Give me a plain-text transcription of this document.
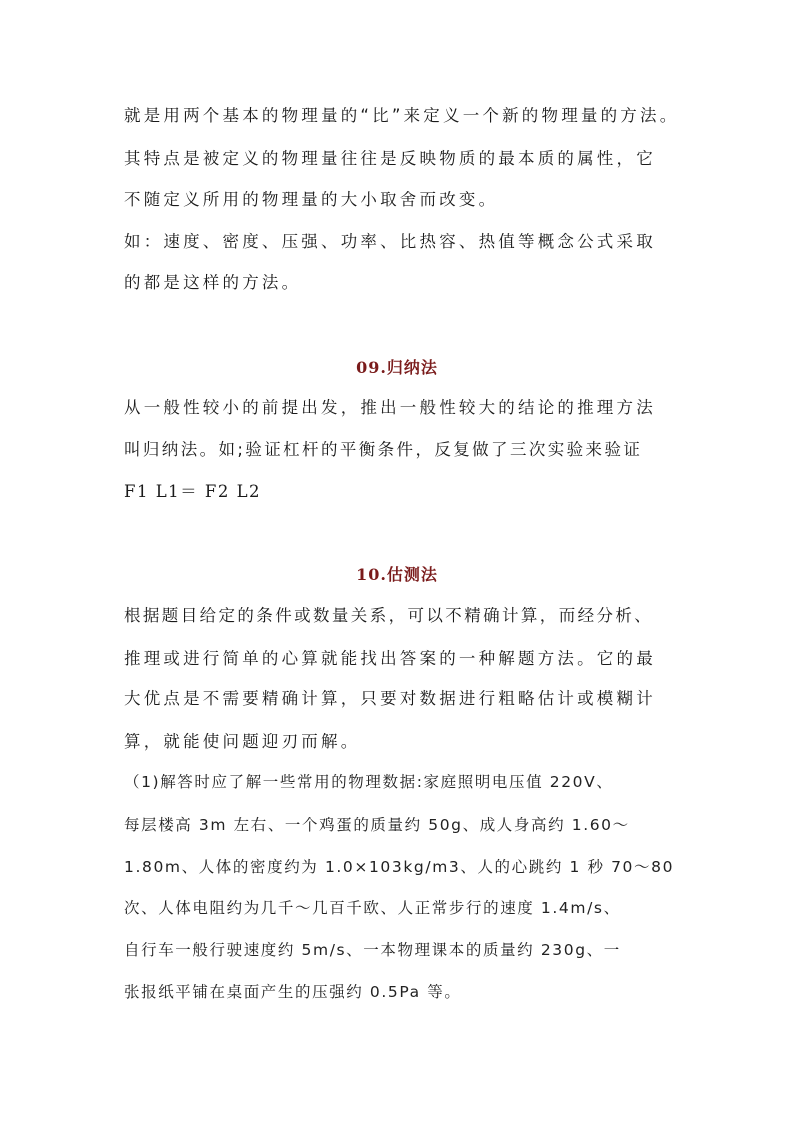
就是用两个基本的物理量的“比”来定义一个新的物理量的方法。
其特点是被定义的物理量往往是反映物质的最本质的属性，它
不随定义所用的物理量的大小取舍而改变。
如：速度、密度、压强、功率、比热容、热值等概念公式采取
的都是这样的方法。
09.归纳法
从一般性较小的前提出发，推出一般性较大的结论的推理方法
叫归纳法。如;验证杠杆的平衡条件，反复做了三次实验来验证
F1 L1＝ F2 L2
10.估测法
根据题目给定的条件或数量关系，可以不精确计算，而经分析、
推理或进行简单的心算就能找出答案的一种解题方法。它的最
大优点是不需要精确计算，只要对数据进行粗略估计或模糊计
算，就能使问题迎刃而解。
（1)解答时应了解一些常用的物理数据:家庭照明电压值 220V、
每层楼高 3m 左右、一个鸡蛋的质量约 50g、成人身高约 1.60～
1.80m、人体的密度约为 1.0×103kg/m3、人的心跳约 1 秒 70～80
次、人体电阻约为几千～几百千欧、人正常步行的速度 1.4m/s、
自行车一般行驶速度约 5m/s、一本物理课本的质量约 230g、一
张报纸平铺在桌面产生的压强约 0.5Pa 等。
